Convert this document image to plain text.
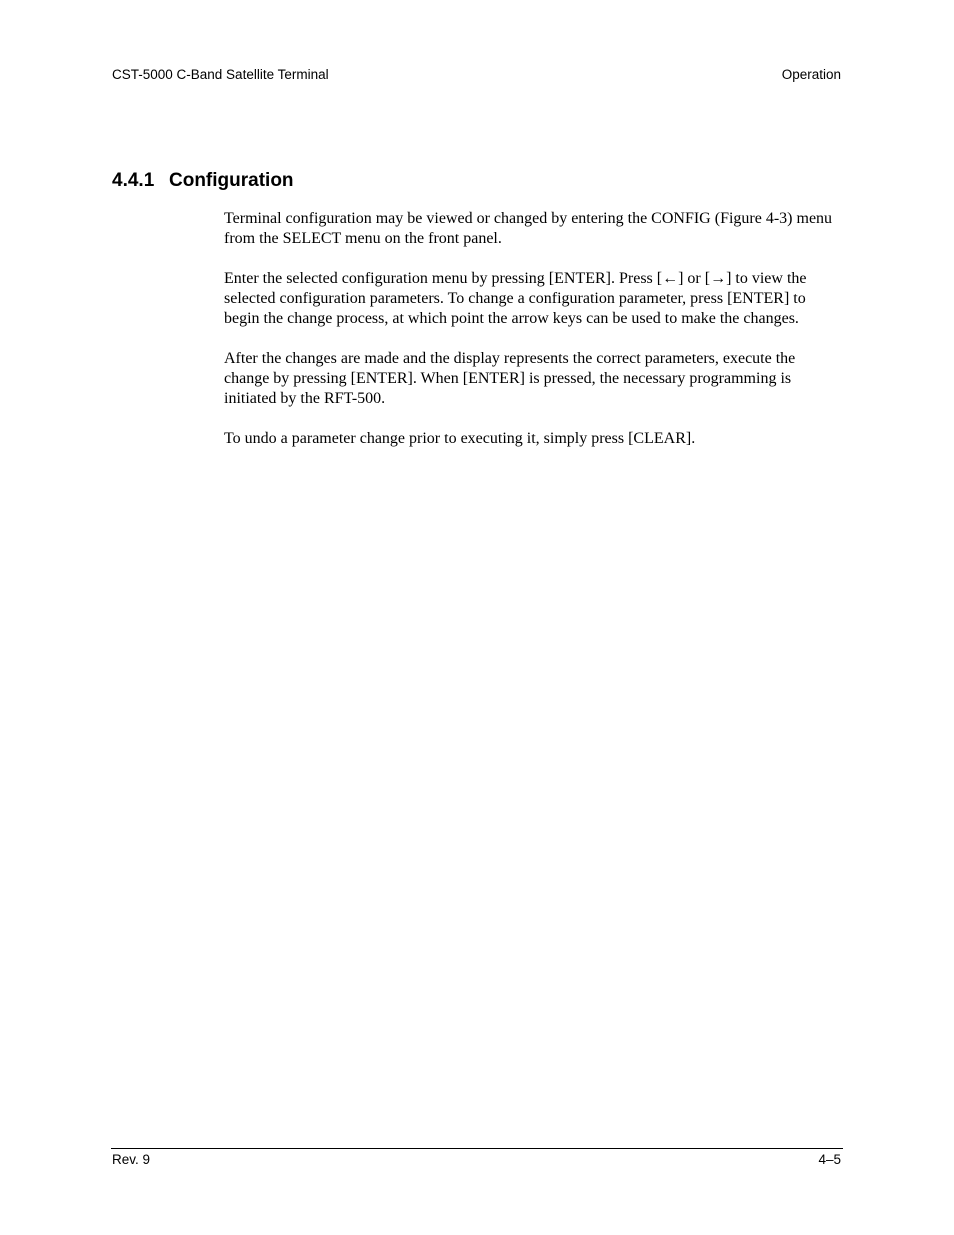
CST-5000 C-Band Satellite Terminal	Operation
4.4.1 Configuration

Terminal configuration may be viewed or changed by entering the CONFIG (Figure 4-3) menu from the SELECT menu on the front panel.

Enter the selected configuration menu by pressing [ENTER]. Press [←] or [→] to view the selected configuration parameters. To change a configuration parameter, press [ENTER] to begin the change process, at which point the arrow keys can be used to make the changes.

After the changes are made and the display represents the correct parameters, execute the change by pressing [ENTER]. When [ENTER] is pressed, the necessary programming is initiated by the RFT-500.

To undo a parameter change prior to executing it, simply press [CLEAR].

Rev. 9	4–5
